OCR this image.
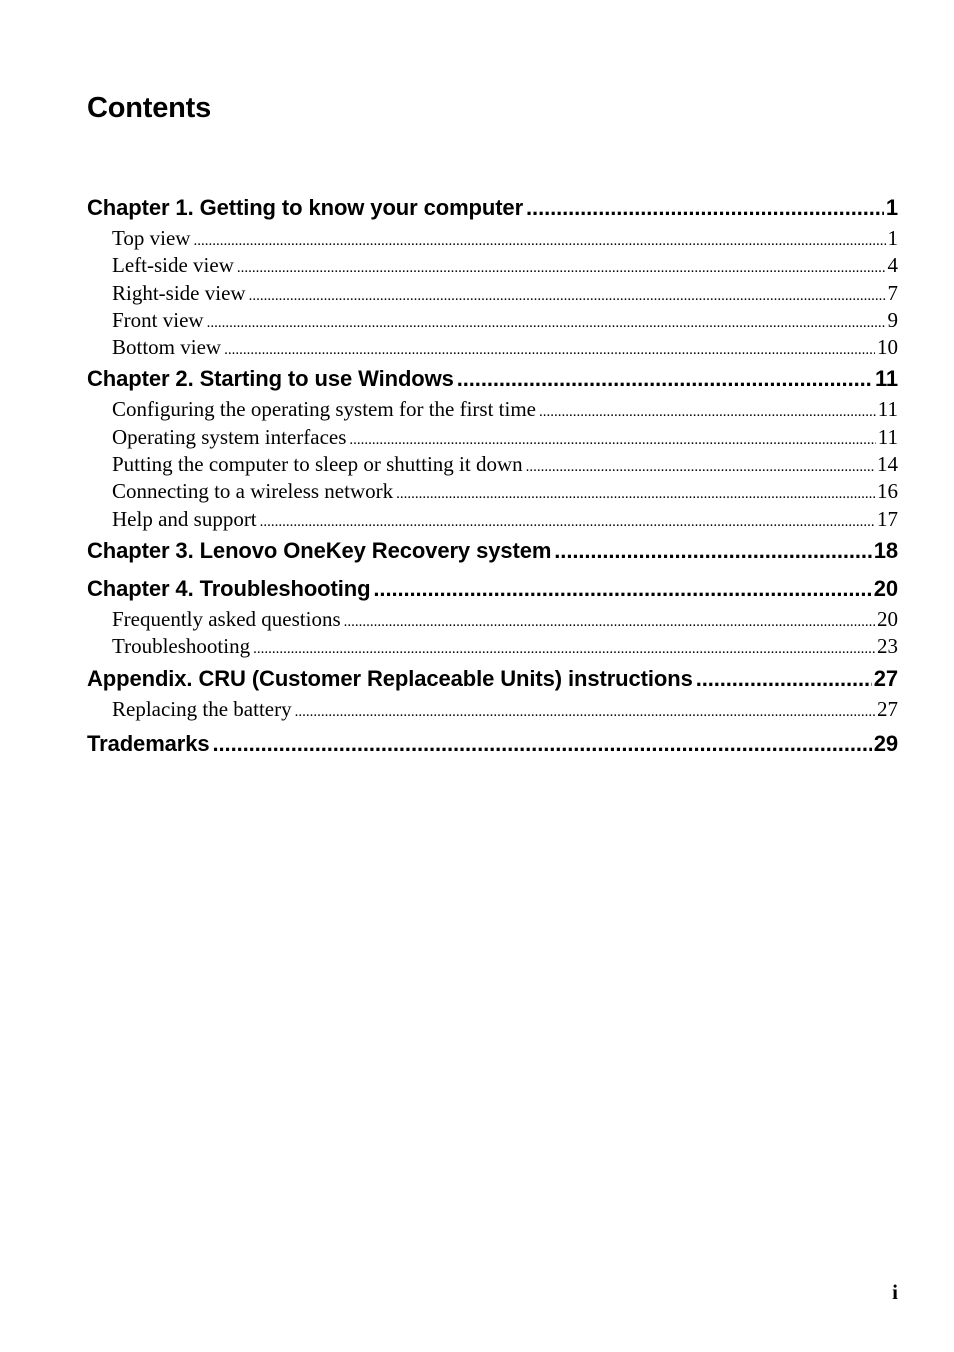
Contents
Chapter 1. Getting to know your computer .....	1
Top view .....	1
Left-side view .....	4
Right-side view .....	7
Front view .....	9
Bottom view .....	10
Chapter 2. Starting to use Windows .....	11
Configuring the operating system for the first time .....	11
Operating system interfaces .....	11
Putting the computer to sleep or shutting it down .....	14
Connecting to a wireless network .....	16
Help and support .....	17
Chapter 3. Lenovo OneKey Recovery system .....	18
Chapter 4. Troubleshooting .....	20
Frequently asked questions .....	20
Troubleshooting .....	23
Appendix. CRU (Customer Replaceable Units) instructions .....	27
Replacing the battery .....	27
Trademarks .....	29
i
